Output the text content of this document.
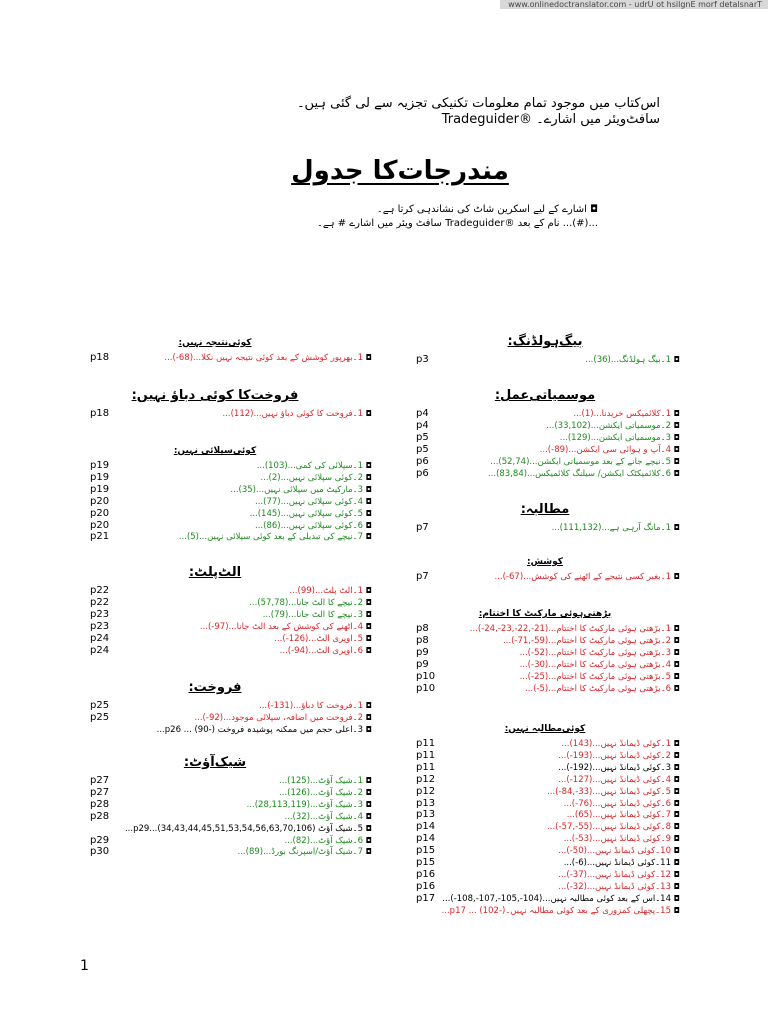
www.onlinedoctranslator.com - udrU ot hsilgnE morf detalsnarT
اس‌کتاب میں موجود تمام معلومات تکنیکی تجزیہ سے لی گئی ہیں۔
سافٹ‌ویئر میں اشارے۔ ®Tradeguider
مندرجات‌کا جدول
◘ اشارے کے لیے اسکرین شاٹ کی نشاندہی کرتا ہے۔
...(#)... نام کے بعد ®Tradeguider سافٹ ویئر میں اشارے # ہے۔
بیگ‌ہولڈنگ:
◘1۔بیگ ہولڈنگ...(36)...
p3
موسمیاتی‌عمل:
◘1۔کلائمیکس خریدنا...(1)...
p4
◘2۔موسمیاتی ایکشن...(33,102)...
p4
◘3۔موسمیاتی ایکشن...(129)...
p5
◘4۔آپ و ہوا‌ئی سی ایکشن...(89-)...
p5
◘5۔نیچے جانے کے بعد موسمیاتی ایکشن...(52,74)...
p6
◘6۔کلائمیکٹک ایکشن/ سیلنگ کلائمیکس...(83,84)...
p6
مطالبہ:
◘1۔مانگ آرہی ہے...(111,132)...
p7
کوشش:
◘1۔بغیر کسی نتیجے کے اٹھنے کی کوشش...(67-)...
p7
بڑھتی‌ہوئی مارکیٹ کا اختتام:
◘1۔بڑھتی ہوئی مارکیٹ کا اختتام...(21-,22-,23-,24-)...
p8
◘2۔بڑھتی ہوئی مارکیٹ کا اختتام...(59-,71-)...
p8
◘3۔بڑھتی ہوئی مارکیٹ کا اختتام...(52-)...
p9
◘4۔بڑھتی ہوئی مارکیٹ کا اختتام...(30-)...
p9
◘5۔بڑھتی ہوئی مارکیٹ کا اختتام...(25-)...
p10
◘6۔بڑھتی ہوئی مارکیٹ کا اختتام...(5-)...
p10
کوئی‌مطالبہ نہیں:
◘1۔کوئی ڈیمانڈ نہیں...(143)...
p11
◘2۔کوئی ڈیمانڈ نہیں...(193-)...
p11
◘3۔کوئی ڈیمانڈ نہیں...(192-)...
p11
◘4۔کوئی ڈیمانڈ نہیں...(127-)...
p12
◘5۔کوئی ڈیمانڈ نہیں...(33-,84-)...
p12
◘6۔کوئی ڈیمانڈ نہیں...(76-)...
p13
◘7۔کوئی ڈیمانڈ نہیں...(65)...
p13
◘8۔کوئی ڈیمانڈ نہیں...(55-,57-)...
p14
◘9۔کوئی ڈیمانڈ نہیں...(53-)...
p14
◘10۔کوئی ڈیمانڈ نہیں...(50-)...
p15
◘11۔کوئی ڈیمانڈ نہیں...(6-)...
p15
◘12۔کوئی ڈیمانڈ نہیں...(37-)...
p16
◘13۔کوئی ڈیمانڈ نہیں...(32-)...
p16
◘14۔اس کے بعد کوئی مطالبہ نہیں...(104-,105-,107-,108-)...
p17
◘15۔پچھلی کمزوری کے بعد کوئی مطالبہ نہیں۔p17 ... (102-)...
کوئی‌نتیجہ نہیں:
◘1۔بھرپور کوشش کے بعد کوئی نتیجہ نہیں نکلا...(68-)...
p18
فروخت‌کا کوئی دباؤ نہیں:
◘1۔فروخت کا کوئی دباؤ نہیں...(112)...
p18
کوئی‌سپلائی نہیں:
◘1۔سپلائی کی کمی...(103)...
p19
◘2۔کوئی سپلائی نہیں...(2)...
p19
◘3۔مارکیٹ میں سپلائی نہیں...(35)...
p19
◘4۔کوئی سپلائی نہیں...(77)...
p20
◘5۔کوئی سپلائی نہیں...(145)...
p20
◘6۔کوئی سپلائی نہیں...(86)...
p20
◘7۔نیچے کی تبدیلی کے بعد کوئی سپلائی نہیں...(5)...
p21
الٹ‌پلٹ:
◘1۔الٹ پلٹ...(99)...
p22
◘2۔نیچے کا الٹ جانا...(57,78)...
p22
◘3۔نیچے کا الٹ جانا...(79)...
p23
◘4۔اٹھنے کی کوشش کے بعد الٹ جانا...(97-)...
p23
◘5۔اوپری الٹ...(126-)...
p24
◘6۔اوپری الٹ...(94-)...
p24
فروخت:
◘1۔فروخت کا دباؤ...(131-)...
p25
◘2۔فروخت میں اضافہ، سپلائی موجود...(92-)...
p25
◘3۔اعلی حجم میں ممکنہ پوشیدہ فروخت p26 ... (90-)...
شیک‌آؤٹ:
◘1۔شیک آؤٹ...(125)...
p27
◘2۔شیک آؤٹ...(126)...
p27
◘3۔شیک آؤٹ...(28,113,119)...
p28
◘4۔شیک آؤٹ...(32)...
p28
◘5۔شیک آؤٹ p29...(34,43,44,45,51,53,54,56,63,70,106)...
◘6۔شیک آؤٹ...(82)...
p29
◘7۔شیک آؤٹ/اسپرنگ بورڈ...(89)...
p30
1
